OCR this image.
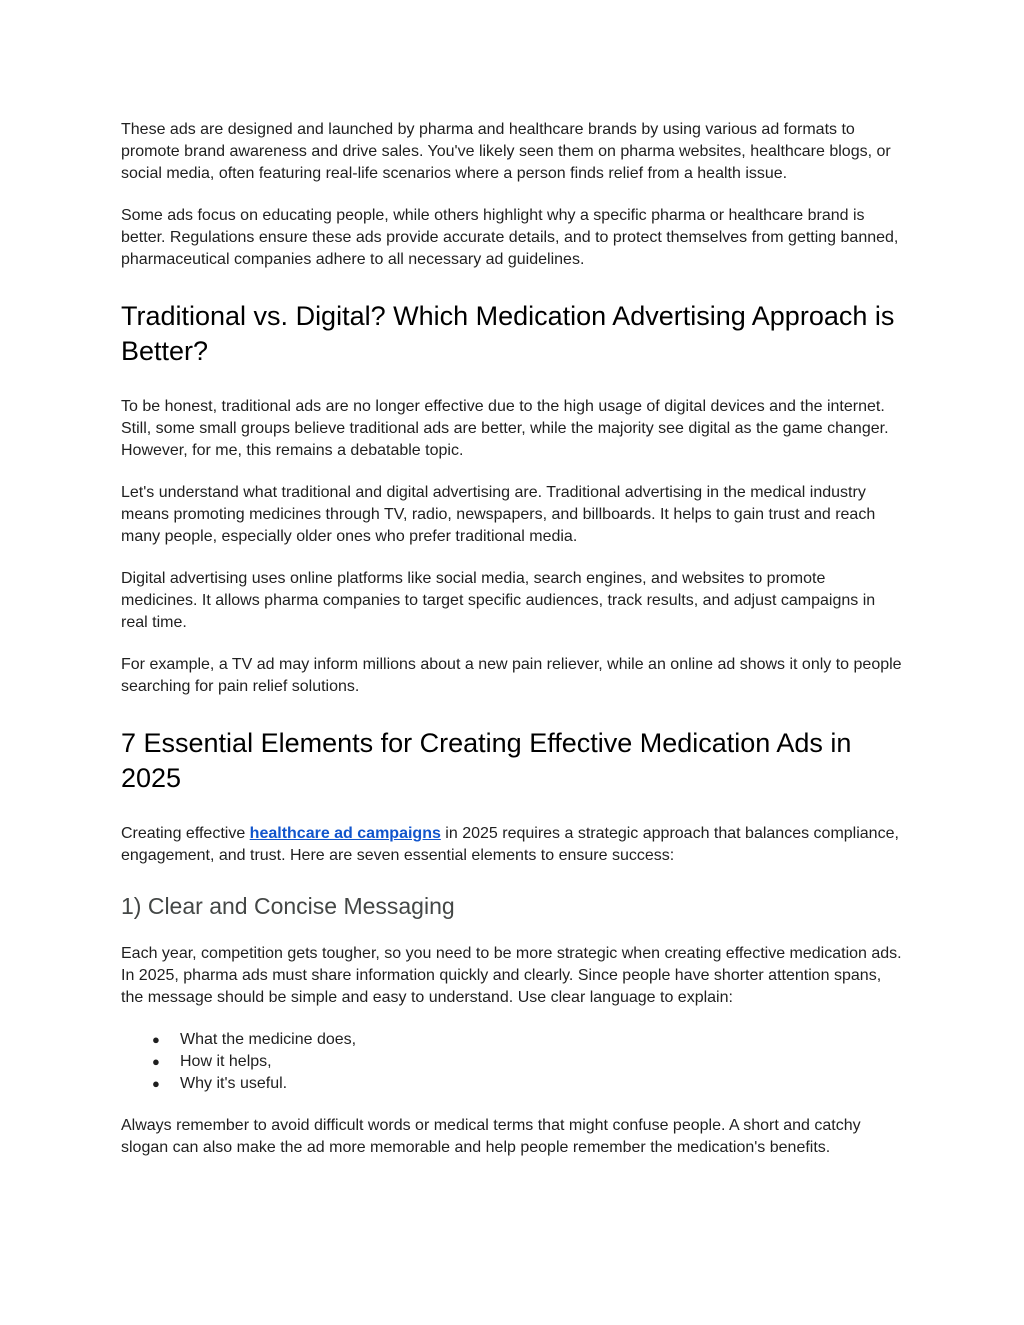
These ads are designed and launched by pharma and healthcare brands by using various ad formats to promote brand awareness and drive sales. You've likely seen them on pharma websites, healthcare blogs, or social media, often featuring real-life scenarios where a person finds relief from a health issue.

Some ads focus on educating people, while others highlight why a specific pharma or healthcare brand is better. Regulations ensure these ads provide accurate details, and to protect themselves from getting banned, pharmaceutical companies adhere to all necessary ad guidelines.

Traditional vs. Digital? Which Medication Advertising Approach is Better?

To be honest, traditional ads are no longer effective due to the high usage of digital devices and the internet. Still, some small groups believe traditional ads are better, while the majority see digital as the game changer. However, for me, this remains a debatable topic.

Let's understand what traditional and digital advertising are. Traditional advertising in the medical industry means promoting medicines through TV, radio, newspapers, and billboards. It helps to gain trust and reach many people, especially older ones who prefer traditional media.

Digital advertising uses online platforms like social media, search engines, and websites to promote medicines. It allows pharma companies to target specific audiences, track results, and adjust campaigns in real time.

For example, a TV ad may inform millions about a new pain reliever, while an online ad shows it only to people searching for pain relief solutions.

7 Essential Elements for Creating Effective Medication Ads in 2025

Creating effective healthcare ad campaigns in 2025 requires a strategic approach that balances compliance, engagement, and trust. Here are seven essential elements to ensure success:

1) Clear and Concise Messaging

Each year, competition gets tougher, so you need to be more strategic when creating effective medication ads. In 2025, pharma ads must share information quickly and clearly. Since people have shorter attention spans, the message should be simple and easy to understand. Use clear language to explain:

● What the medicine does,
● How it helps,
● Why it's useful.

Always remember to avoid difficult words or medical terms that might confuse people. A short and catchy slogan can also make the ad more memorable and help people remember the medication's benefits.
